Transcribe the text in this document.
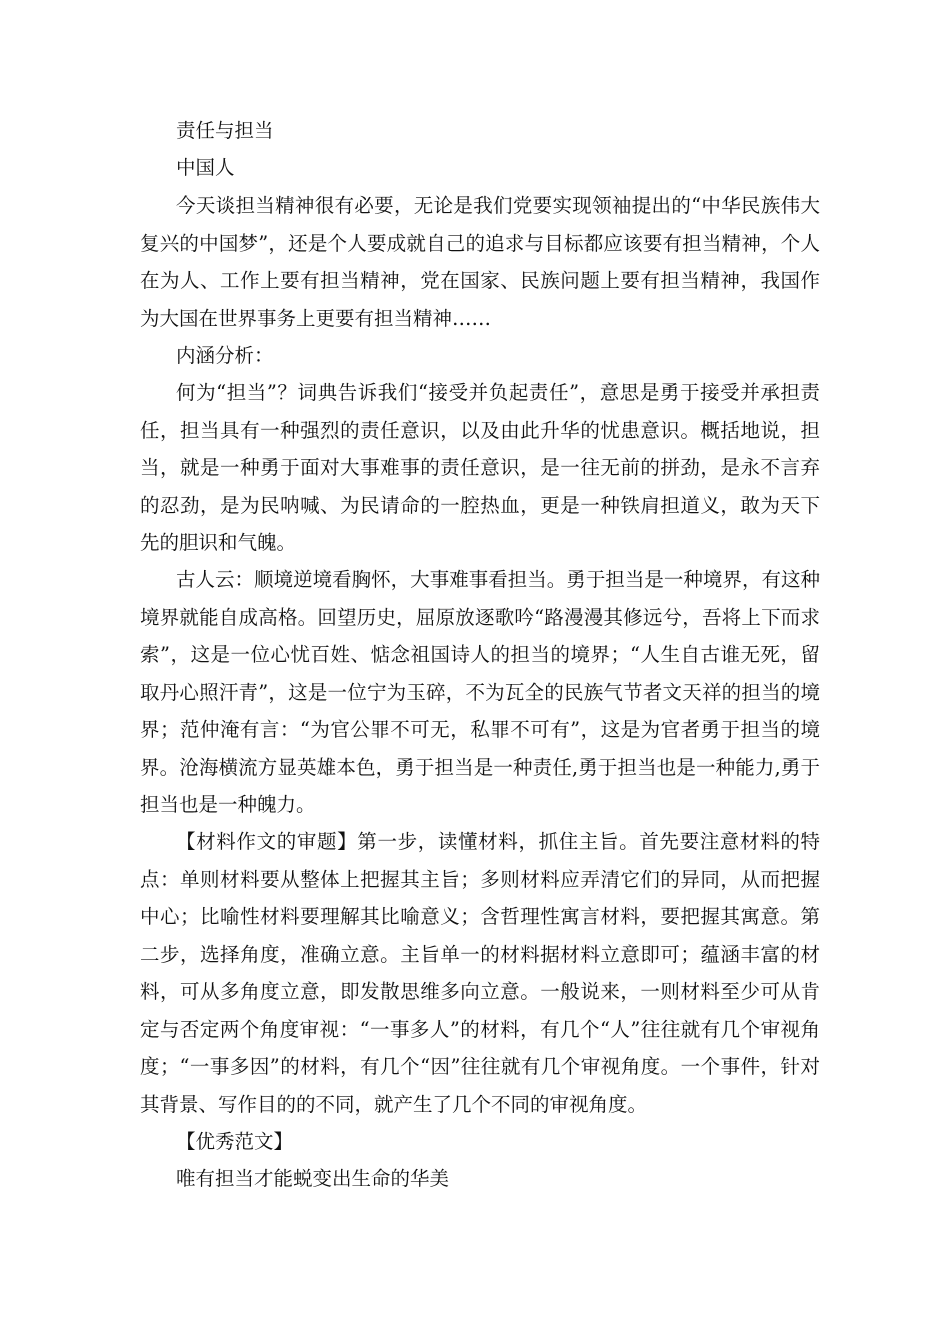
责任与担当

中国人

今天谈担当精神很有必要，无论是我们党要实现领袖提出的“中华民族伟大复兴的中国梦”，还是个人要成就自己的追求与目标都应该要有担当精神，个人在为人、工作上要有担当精神，党在国家、民族问题上要有担当精神，我国作为大国在世界事务上更要有担当精神……

内涵分析：

何为“担当”？词典告诉我们“接受并负起责任”，意思是勇于接受并承担责任，担当具有一种强烈的责任意识，以及由此升华的忧患意识。概括地说，担当，就是一种勇于面对大事难事的责任意识，是一往无前的拼劲，是永不言弃的忍劲，是为民呐喊、为民请命的一腔热血，更是一种铁肩担道义，敢为天下先的胆识和气魄。

古人云：顺境逆境看胸怀，大事难事看担当。勇于担当是一种境界，有这种境界就能自成高格。回望历史，屈原放逐歌吟“路漫漫其修远兮，吾将上下而求索”，这是一位心忧百姓、惦念祖国诗人的担当的境界；“人生自古谁无死，留取丹心照汗青”，这是一位宁为玉碎，不为瓦全的民族气节者文天祥的担当的境界；范仲淹有言：“为官公罪不可无，私罪不可有”，这是为官者勇于担当的境界。沧海横流方显英雄本色，勇于担当是一种责任,勇于担当也是一种能力,勇于担当也是一种魄力。

【材料作文的审题】第一步，读懂材料，抓住主旨。首先要注意材料的特点：单则材料要从整体上把握其主旨；多则材料应弄清它们的异同，从而把握中心；比喻性材料要理解其比喻意义；含哲理性寓言材料，要把握其寓意。第二步，选择角度，准确立意。主旨单一的材料据材料立意即可；蕴涵丰富的材料，可从多角度立意，即发散思维多向立意。一般说来，一则材料至少可从肯定与否定两个角度审视：“一事多人”的材料，有几个“人”往往就有几个审视角度；“一事多因”的材料，有几个“因”往往就有几个审视角度。一个事件，针对其背景、写作目的的不同，就产生了几个不同的审视角度。

【优秀范文】

唯有担当才能蜕变出生命的华美
